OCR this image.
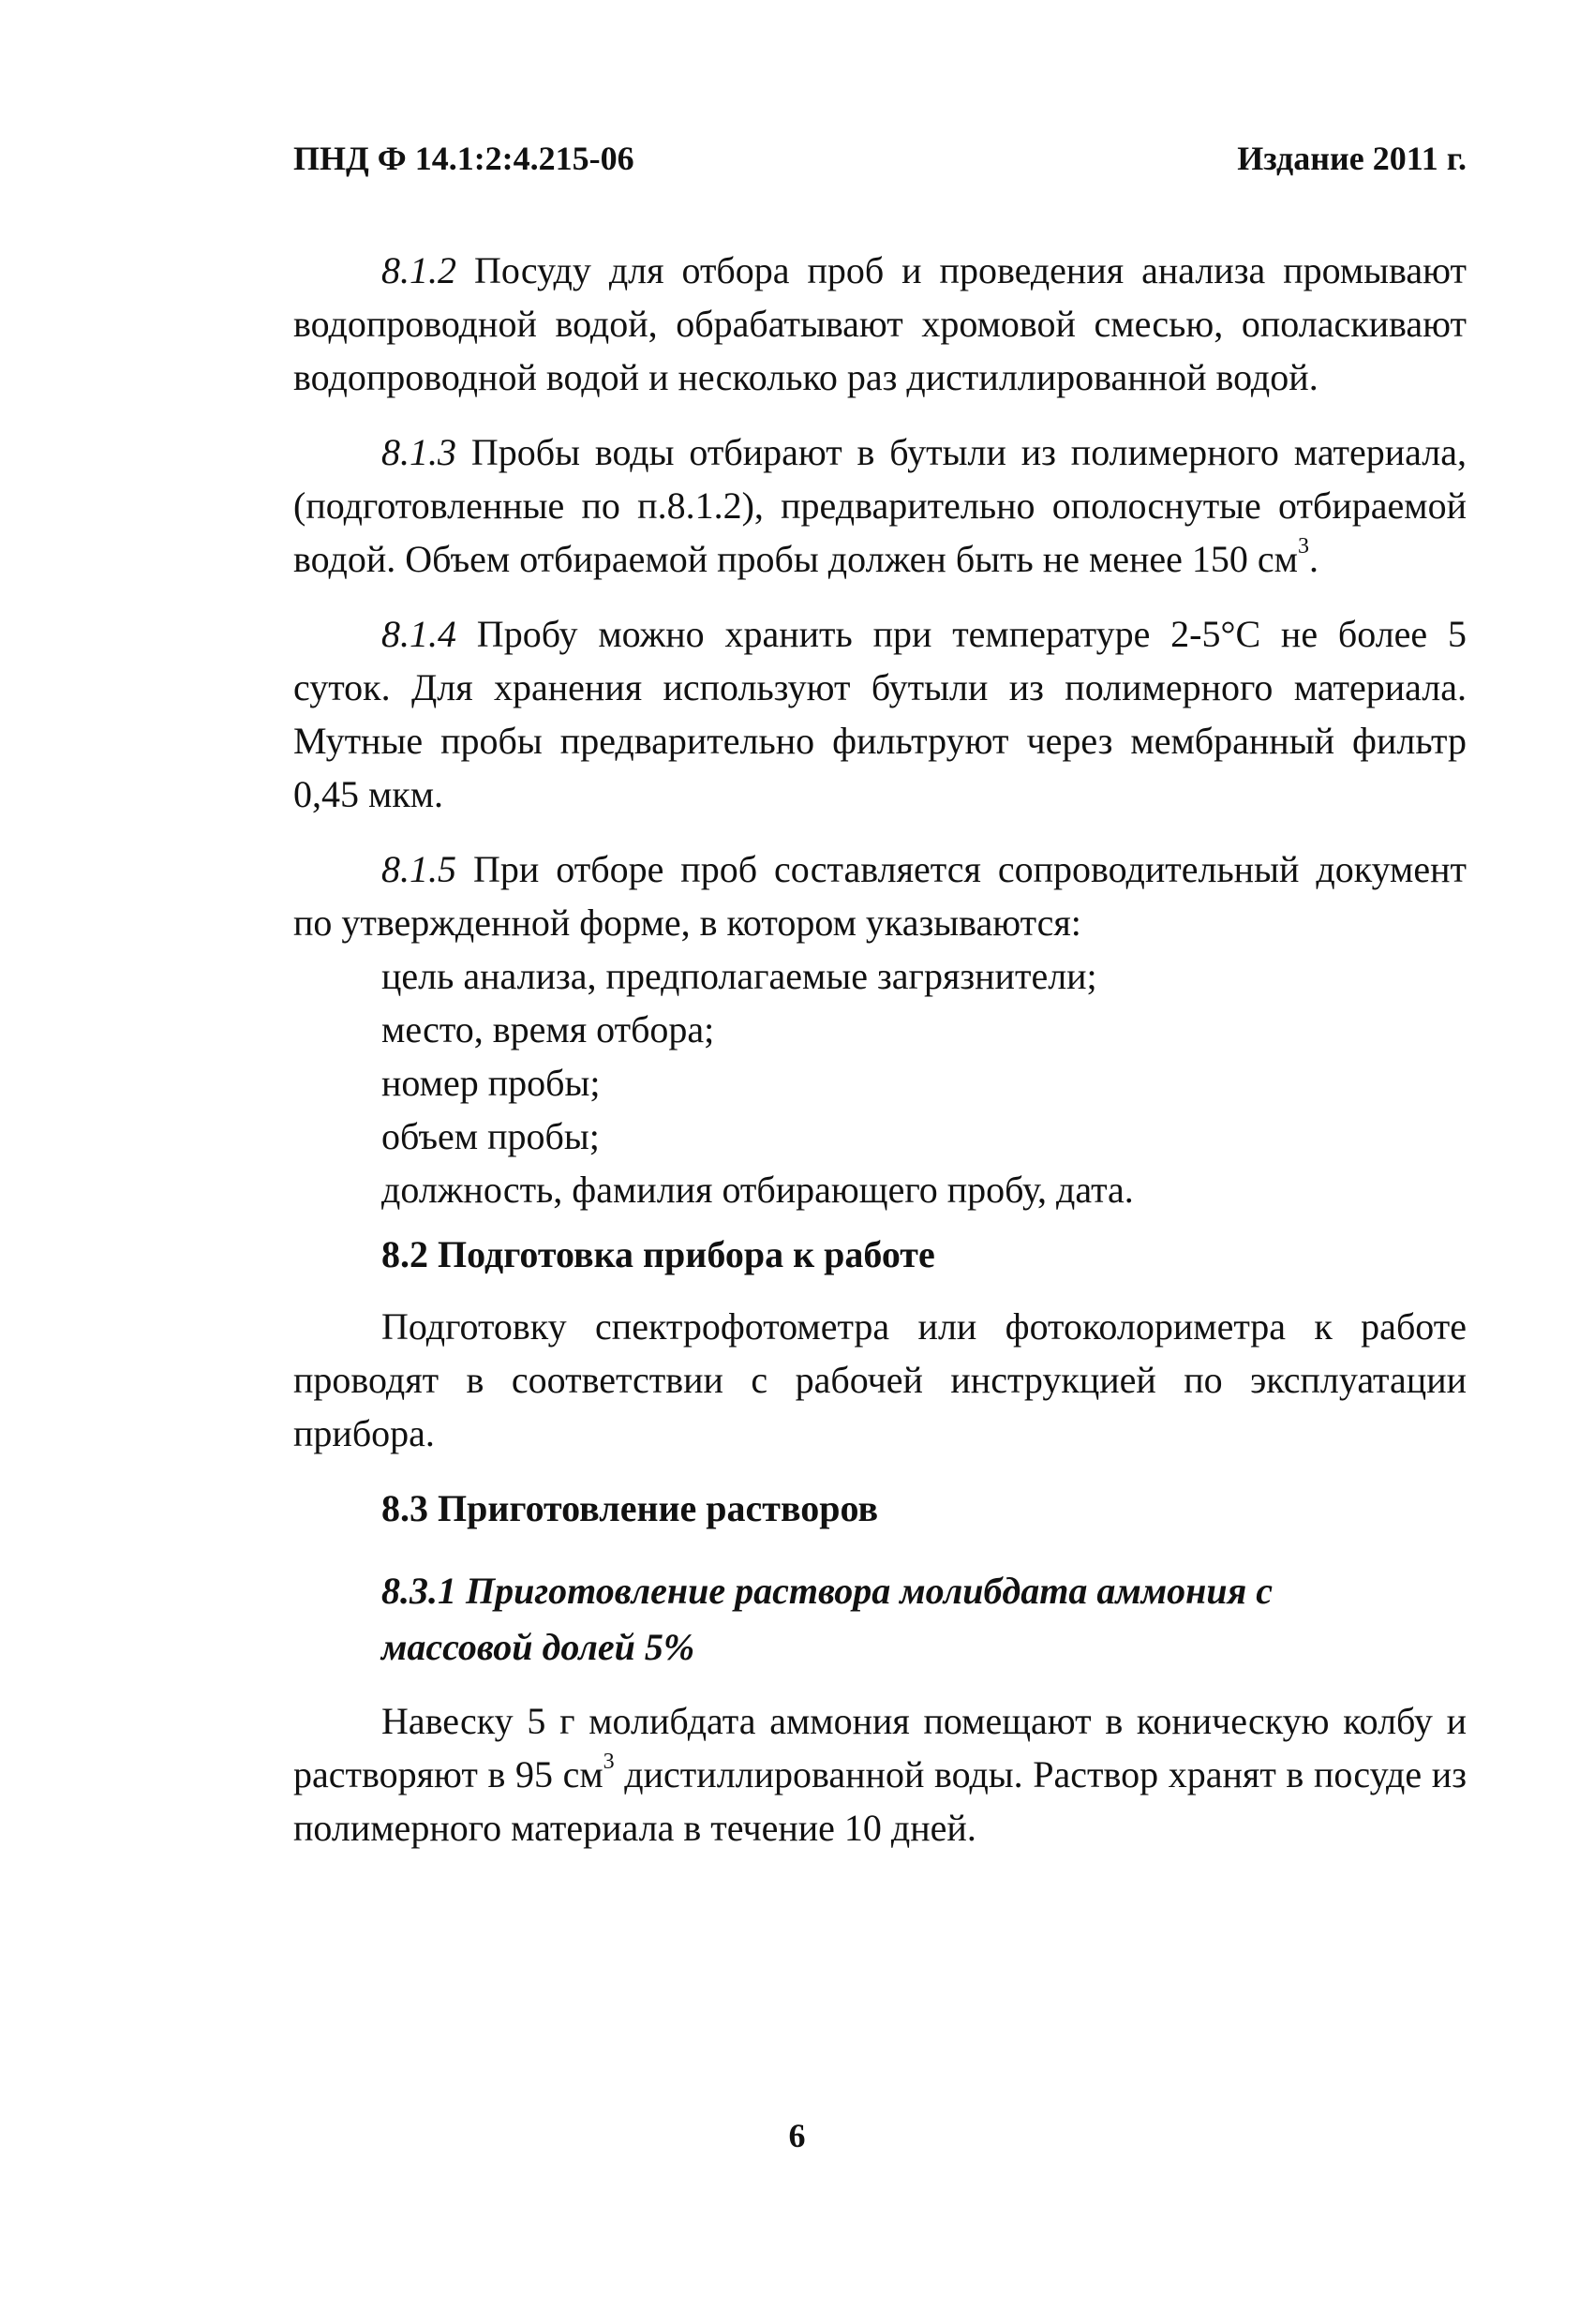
ПНД Ф 14.1:2:4.215-06	Издание 2011 г.

8.1.2 Посуду для отбора проб и проведения анализа промывают водопроводной водой, обрабатывают хромовой смесью, ополаскивают водопроводной водой и несколько раз дистиллированной водой.

8.1.3 Пробы воды отбирают в бутыли из полимерного материала, (подготовленные по п.8.1.2), предварительно ополоснутые отбираемой водой. Объем отбираемой пробы должен быть не менее 150 $см^3$.

8.1.4 Пробу можно хранить при температуре 2-5°С не более 5 суток. Для хранения используют бутыли из полимерного материала. Мутные пробы предварительно фильтруют через мембранный фильтр 0,45 мкм.

8.1.5 При отборе проб составляется сопроводительный документ по утвержденной форме, в котором указываются:

цель анализа, предполагаемые загрязнители;
место, время отбора;
номер пробы;
объем пробы;
должность, фамилия отбирающего пробу, дата.
8.2 Подготовка прибора к работе

Подготовку спектрофотометра или фотоколориметра к работе проводят в соответствии с рабочей инструкцией по эксплуатации прибора.

8.3 Приготовление растворов
8.3.1 Приготовление раствора молибдата аммония с
массовой долей 5%

Навеску 5 г молибдата аммония помещают в коническую колбу и растворяют в 95 $см^3$ дистиллированной воды. Раствор хранят в посуде из полимерного материала в течение 10 дней.

6
